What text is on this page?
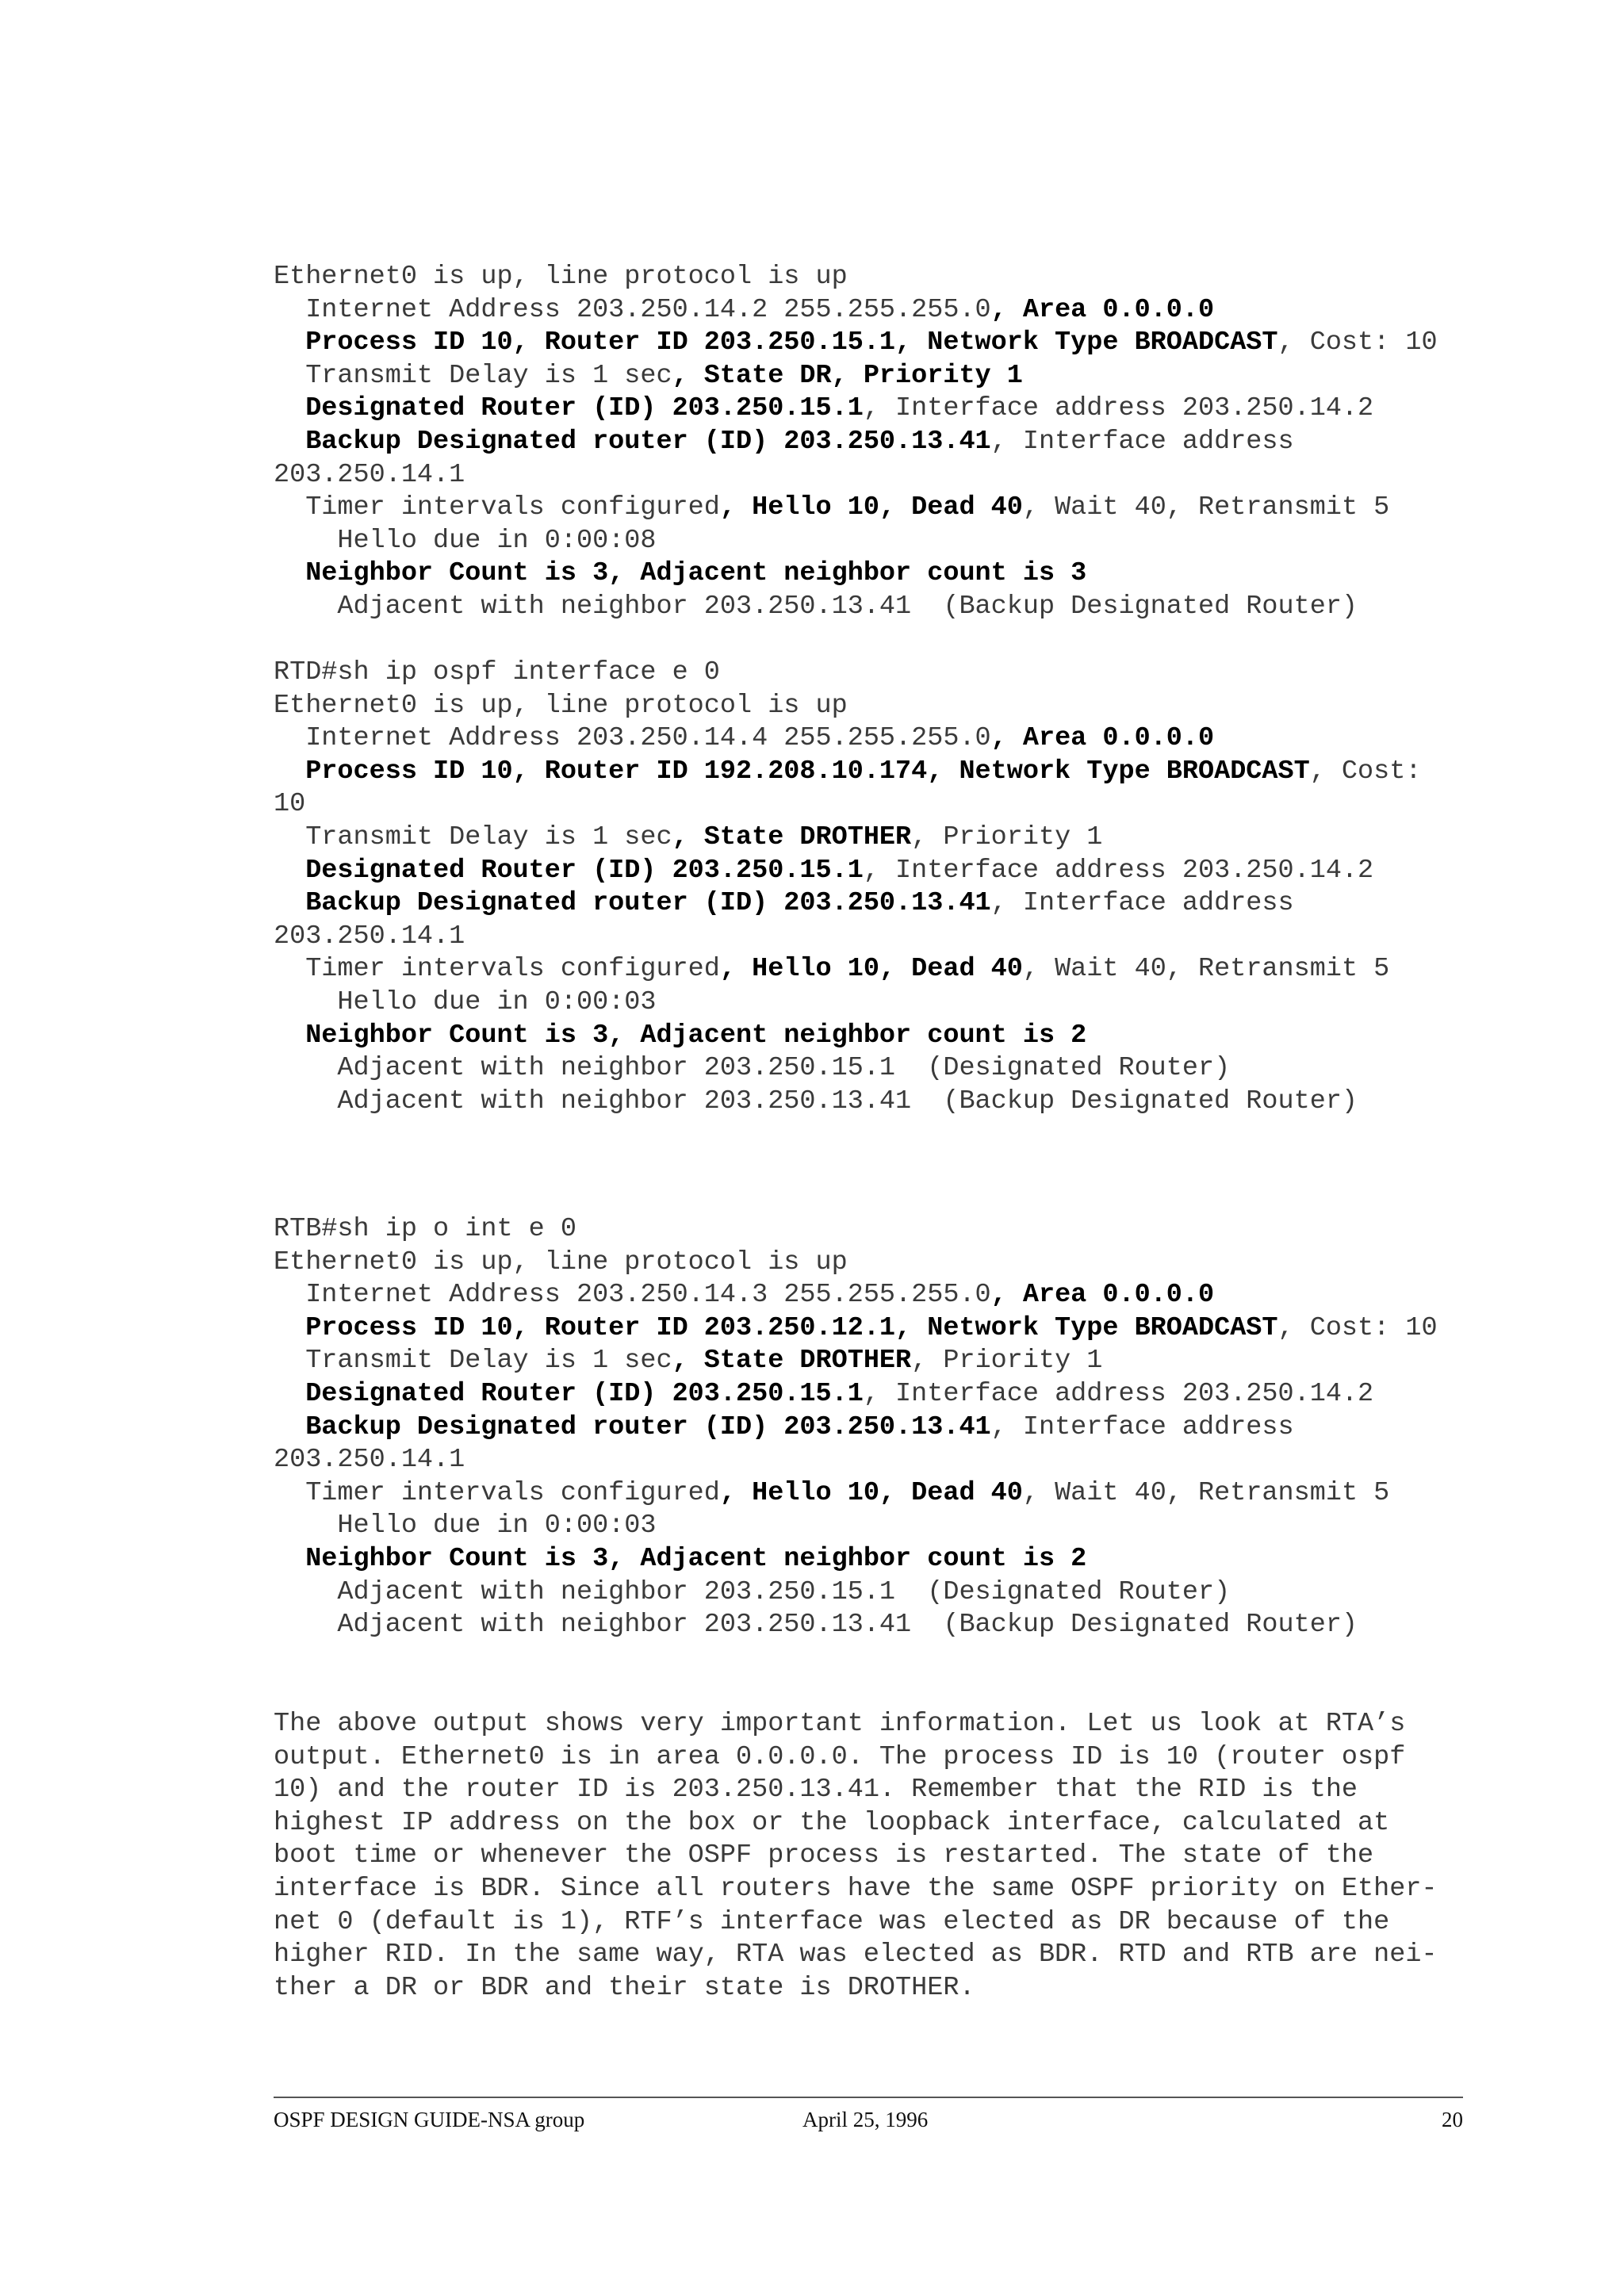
Ethernet0 is up, line protocol is up
Internet Address 203.250.14.2 255.255.255.0, Area 0.0.0.0
Process ID 10, Router ID 203.250.15.1, Network Type BROADCAST, Cost: 10
Transmit Delay is 1 sec, State DR, Priority 1
Designated Router (ID) 203.250.15.1, Interface address 203.250.14.2
Backup Designated router (ID) 203.250.13.41, Interface address
203.250.14.1
Timer intervals configured, Hello 10, Dead 40, Wait 40, Retransmit 5
Hello due in 0:00:08
Neighbor Count is 3, Adjacent neighbor count is 3
Adjacent with neighbor 203.250.13.41  (Backup Designated Router)
RTD#sh ip ospf interface e 0
Ethernet0 is up, line protocol is up
Internet Address 203.250.14.4 255.255.255.0, Area 0.0.0.0
Process ID 10, Router ID 192.208.10.174, Network Type BROADCAST, Cost:
10
Transmit Delay is 1 sec, State DROTHER, Priority 1
Designated Router (ID) 203.250.15.1, Interface address 203.250.14.2
Backup Designated router (ID) 203.250.13.41, Interface address
203.250.14.1
Timer intervals configured, Hello 10, Dead 40, Wait 40, Retransmit 5
Hello due in 0:00:03
Neighbor Count is 3, Adjacent neighbor count is 2
Adjacent with neighbor 203.250.15.1  (Designated Router)
Adjacent with neighbor 203.250.13.41  (Backup Designated Router)
RTB#sh ip o int e 0
Ethernet0 is up, line protocol is up
Internet Address 203.250.14.3 255.255.255.0, Area 0.0.0.0
Process ID 10, Router ID 203.250.12.1, Network Type BROADCAST, Cost: 10
Transmit Delay is 1 sec, State DROTHER, Priority 1
Designated Router (ID) 203.250.15.1, Interface address 203.250.14.2
Backup Designated router (ID) 203.250.13.41, Interface address
203.250.14.1
Timer intervals configured, Hello 10, Dead 40, Wait 40, Retransmit 5
Hello due in 0:00:03
Neighbor Count is 3, Adjacent neighbor count is 2
Adjacent with neighbor 203.250.15.1  (Designated Router)
Adjacent with neighbor 203.250.13.41  (Backup Designated Router)
The above output shows very important information. Let us look at RTA’s
output. Ethernet0 is in area 0.0.0.0. The process ID is 10 (router ospf
10) and the router ID is 203.250.13.41. Remember that the RID is the
highest IP address on the box or the loopback interface, calculated at
boot time or whenever the OSPF process is restarted. The state of the
interface is BDR. Since all routers have the same OSPF priority on Ether-
net 0 (default is 1), RTF’s interface was elected as DR because of the
higher RID. In the same way, RTA was elected as BDR. RTD and RTB are nei-
ther a DR or BDR and their state is DROTHER.
OSPF DESIGN GUIDE-NSA group	April 25, 1996	20
